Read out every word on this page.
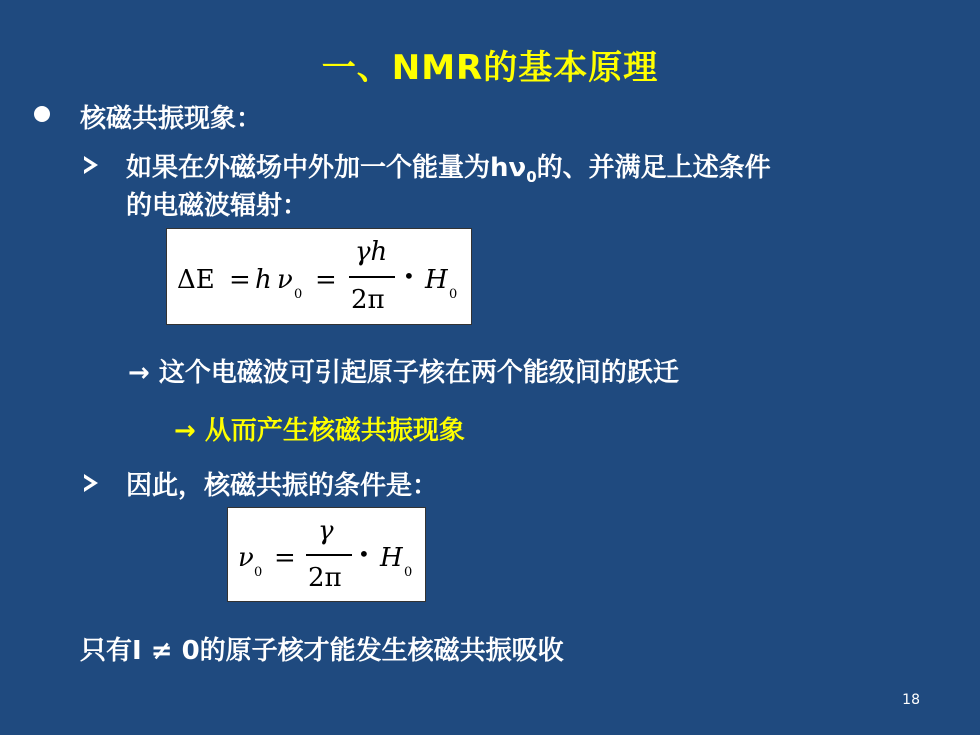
一、NMR的基本原理
核磁共振现象：
如果在外磁场中外加一个能量为$h\nu_0$的、并满足上述条件
的电磁波辐射：
ΔE = h ν 0 =
γh
2π
• H 0
→ 这个电磁波可引起原子核在两个能级间的跃迁
→ 从而产生核磁共振现象
因此，核磁共振的条件是：
ν 0 =
γ
2π
• H 0
只有I ≠ 0的原子核才能发生核磁共振吸收
18
